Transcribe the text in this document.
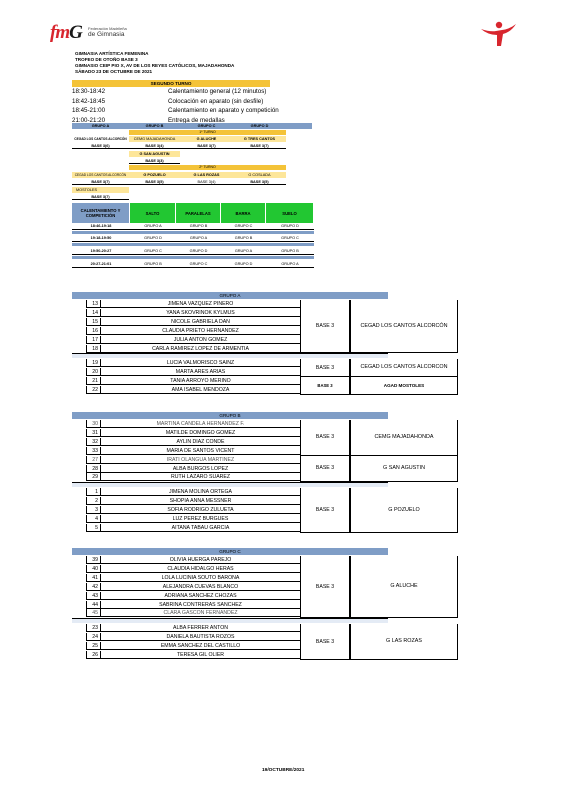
fmG Federación Madrileña
de Gimnasia
GIMNASIA ARTÍSTICA FEMENINA
TROFEO DE OTOÑO BASE 3
GIMNASIO CEIP PIO X, AV DE LOS REYES CATÓLICOS, MAJADAHONDA
SÁBADO 23 DE OCTUBRE DE 2021
SEGUNDO TURNO
18:30-18:42	Calentamiento general (12 minutos)
18:42-18:45	Colocación en aparato (sin desfile)
18:45-21:00	Calentamiento en aparato y competición
21:00-21:20	Entrega de medallas
GRUPO A	GRUPO B	GRUPO C	GRUPO D
1º TURNO
CEGAD LOS CANTOS ALCORCÓN	CEMG MAJADAHONDA	G ALUCHE	G TRES CANTOS
BASE 3(6)	BASE 3(4)	BASE 3(7)	BASE 3(7)
G SAN AGUSTIN
BASE 3(3)
2º TURNO
CEGAD LOS CANTOS ALCORCÓN	G POZUELO	G LAS ROZAS	G COSLADA
BASE 3(7)	BASE 3(5)	BASE 3(4)	BASE 3(5)
MOSTOLES
BASE 3(7)
CALENTAMIENTO Y COMPETICIÓN	SALTO	PARALELAS	BARRA	SUELO
18:46-19:18	GRUPO A	GRUPO B	GRUPO C	GRUPO D
19:18-19:50	GRUPO D	GRUPO A	GRUPO B	GRUPO C
19:50-20:27	GRUPO C	GRUPO D	GRUPO A	GRUPO B
20:27-21:01	GRUPO B	GRUPO C	GRUPO D	GRUPO A
GRUPO A
13	JIMENA VAZQUEZ PINERO
14	YANA SKOVRINOK KYLMUS
15	NICOLE GABRIELA DAN
16	CLAUDIA PRIETO HERNANDEZ
17	JULIA ANTON GOMEZ
18	CARLA RAMIREZ LOPEZ DE ARMENTIA
BASE 3	CEGAD LOS CANTOS ALCORCÓN
19	LUCIA VALMORISCO SAINZ
20	MARTA ARES ARIAS
BASE 3	CEGAD LOS CANTOS ALCORCON
21	TANIA ARROYO MERINO
22	AMA ISABEL MENDOZA
BASE 3	AGAD MOSTOLES
GRUPO B
30	MARTINA CANDELA HERNANDEZ F.
31	MATILDE DOMINGO GOMEZ
32	AYLIN DIAZ CONDE
33	MARIA DE SANTOS VICENT
BASE 3	CEMG MAJADAHONDA
27	IRATI OLANGUA MARTINEZ
28	ALBA BURGOS LOPEZ
29	RUTH LAZARO SUAREZ
BASE 3	G SAN AGUSTIN
1	JIMENA MOLINA ORTEGA
2	SHOPIA ANNA MESSNER
3	SOFIA RODRIGO ZULUETA
4	LUZ PEREZ BURGUES
5	AITANA TABAU GARCIA
BASE 3	G POZUELO
GRUPO C
39	OLIVIA HUERGA PAREJO
40	CLAUDIA HIDALGO HERAS
41	LOLA LUCINIA SOUTO BARONA
42	ALEJANDRA CUEVAS BLANCO
43	ADRIANA SANCHEZ CHOZAS
44	SABRINA CONTRERAS SANCHEZ
45	CLARA GASCON FERNANDEZ
BASE 3	G ALUCHE
23	ALBA FERRER ANTON
24	DANIELA BAUTISTA ROZOS
25	EMMA SANCHEZ DEL CASTILLO
26	TERESA GIL OLIER
BASE 3	G LAS ROZAS
19/OCTUBRE/2021
